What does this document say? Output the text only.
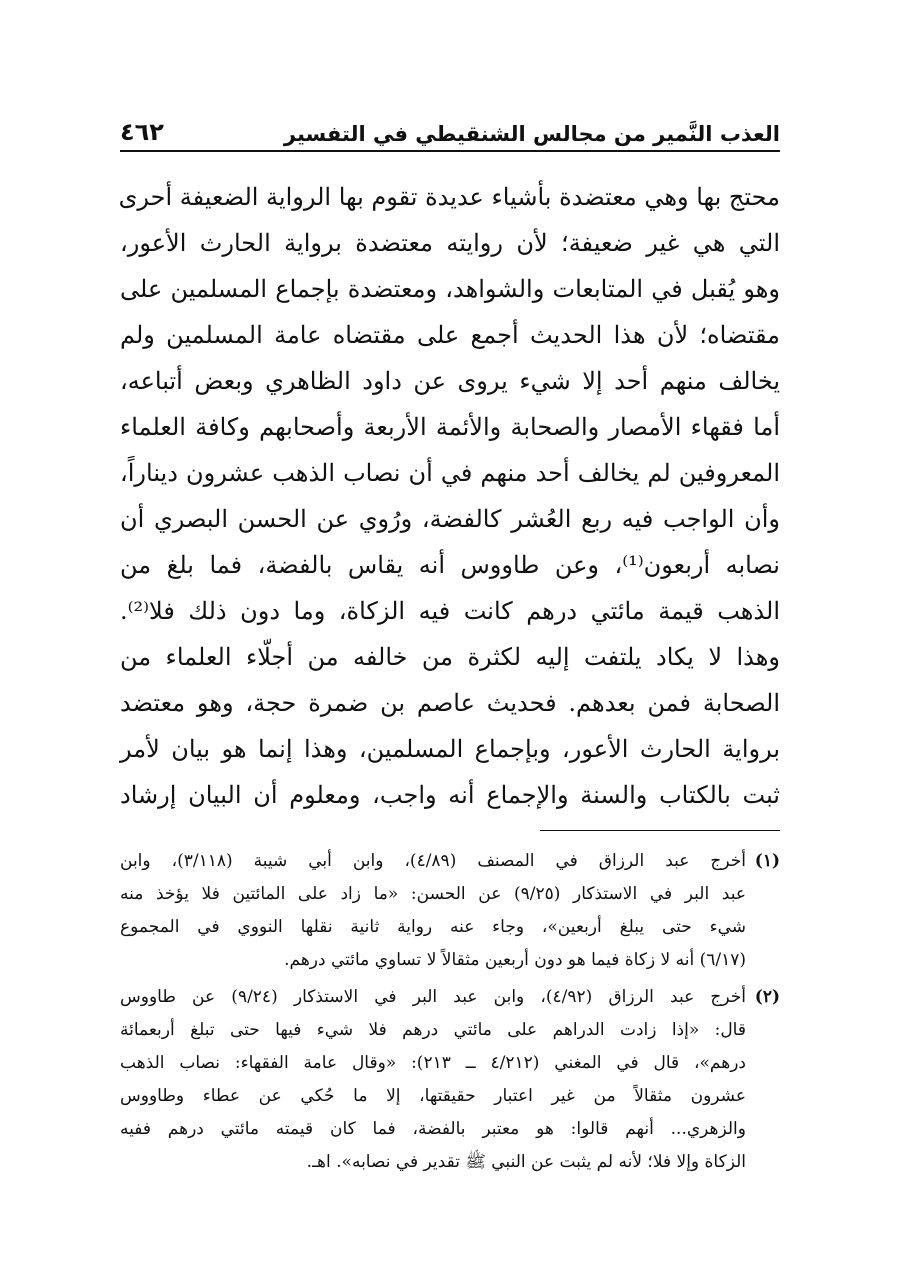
العذب النَّمير من مجالس الشنقيطي في التفسير
٤٦٢
محتج بها وهي معتضدة بأشياء عديدة تقوم بها الرواية الضعيفة أحرى
التي هي غير ضعيفة؛ لأن روايته معتضدة برواية الحارث الأعور،
وهو يُقبل في المتابعات والشواهد، ومعتضدة بإجماع المسلمين على
مقتضاه؛ لأن هذا الحديث أجمع على مقتضاه عامة المسلمين ولم
يخالف منهم أحد إلا شيء يروى عن داود الظاهري وبعض أتباعه،
أما فقهاء الأمصار والصحابة والأئمة الأربعة وأصحابهم وكافة العلماء
المعروفين لم يخالف أحد منهم في أن نصاب الذهب عشرون ديناراً،
وأن الواجب فيه ربع العُشر كالفضة، ورُوي عن الحسن البصري أن
نصابه أربعون⁽¹⁾، وعن طاووس أنه يقاس بالفضة، فما بلغ من
الذهب قيمة مائتي درهم كانت فيه الزكاة، وما دون ذلك فلا⁽²⁾.
وهذا لا يكاد يلتفت إليه لكثرة من خالفه من أجلّاء العلماء من
الصحابة فمن بعدهم. فحديث عاصم بن ضمرة حجة، وهو معتضد
برواية الحارث الأعور، وبإجماع المسلمين، وهذا إنما هو بيان لأمر
ثبت بالكتاب والسنة والإجماع أنه واجب، ومعلوم أن البيان إرشاد
(١)
أخرج عبد الرزاق في المصنف (٤/٨٩)، وابن أبي شيبة (٣/١١٨)، وابن
عبد البر في الاستذكار (٩/٢٥) عن الحسن: «ما زاد على المائتين فلا يؤخذ منه
شيء حتى يبلغ أربعين»، وجاء عنه رواية ثانية نقلها النووي في المجموع
(٦/١٧) أنه لا زكاة فيما هو دون أربعين مثقالاً لا تساوي مائتي درهم.
(٢)
أخرج عبد الرزاق (٤/٩٢)، وابن عبد البر في الاستذكار (٩/٢٤) عن طاووس
قال: «إذا زادت الدراهم على مائتي درهم فلا شيء فيها حتى تبلغ أربعمائة
درهم»، قال في المغني (٤/٢١٢ ــ ٢١٣): «وقال عامة الفقهاء: نصاب الذهب
عشرون مثقالاً من غير اعتبار حقيقتها، إلا ما حُكي عن عطاء وطاووس
والزهري... أنهم قالوا: هو معتبر بالفضة، فما كان قيمته مائتي درهم ففيه
الزكاة وإلا فلا؛ لأنه لم يثبت عن النبي ﷺ تقدير في نصابه». اهـ.
